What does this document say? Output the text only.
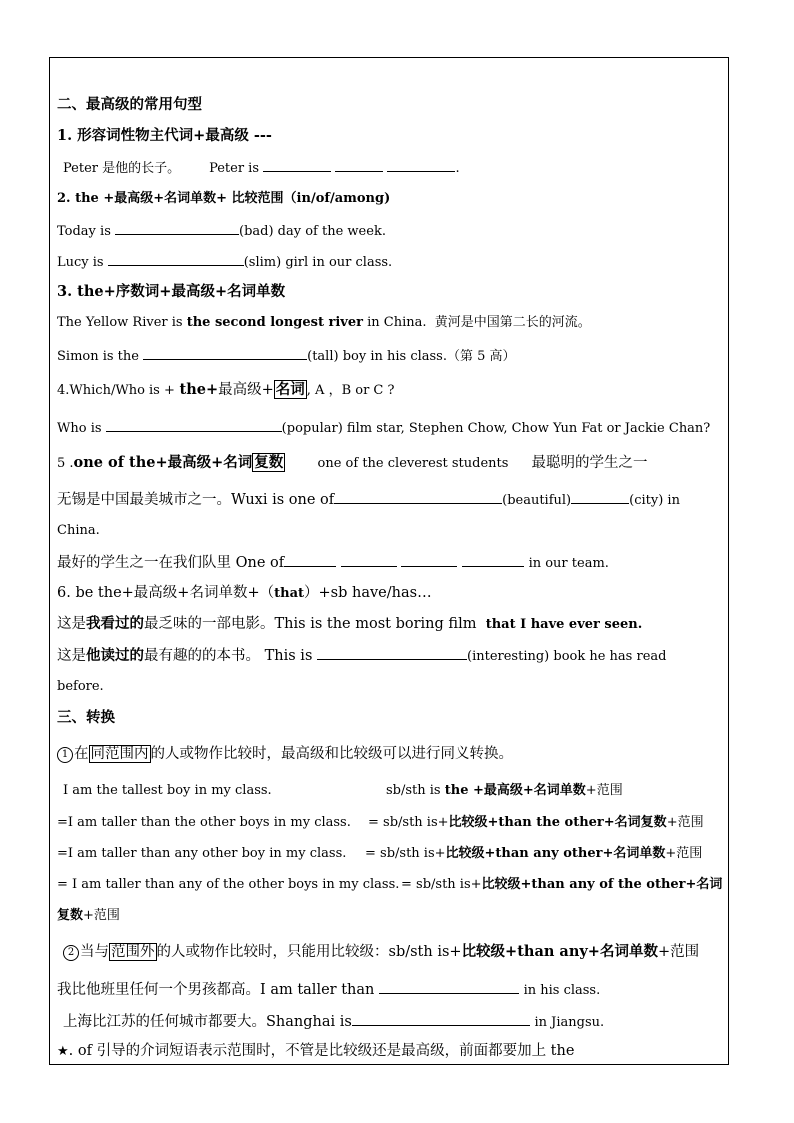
二、最高级的常用句型
1. 形容词性物主代词+最高级 ---
Peter 是他的长子。 Peter is	.
2. the +最高级+名词单数+ 比较范围（in/of/among)
Today is	(bad) day of the week.
Lucy is	(slim) girl in our class.
3. the+序数词+最高级+名词单数
The Yellow River is the second longest river in China. 黄河是中国第二长的河流。
Simon is the	(tall) boy in his class.（第 5 高）
4.Which/Who is + the+最高级+ 名词 , A ，B or C ?
Who is	(popular) film star, Stephen Chow, Chow Yun Fat or Jackie Chan?
5 .one of the+最高级+名词 复数	one of the cleverest students 最聪明的学生之一
无锡是中国最美城市之一。Wuxi is one of	(beautiful)	(city) in
China.
最好的学生之一在我们队里 One of	in our team.
6. be the+最高级+名词单数+（that）+sb have/has…
这是我看过的最乏味的一部电影。This is the most boring film that I have ever seen.
这是他读过的最有趣的的本书。 This is	(interesting) book he has read
before.
三、转换
1 在 同范围内 的人或物作比较时，最高级和比较级可以进行同义转换。
I am the tallest boy in my class.	sb/sth is the +最高级+名词单数+范围
=I am taller than the other boys in my class. = sb/sth is+比较级+than the other+名词复数+范围
=I am taller than any other boy in my class. = sb/sth is+比较级+than any other+名词单数+范围
= I am taller than any of the other boys in my class. = sb/sth is+比较级+than any of the other+名词
复数+范围
2 当与 范围外 的人或物作比较时，只能用比较级：sb/sth is+比较级+than any+名词单数+范围
我比他班里任何一个男孩都高。I am taller than	in his class.
上海比江苏的任何城市都要大。Shanghai is	in Jiangsu.
★. of 引导的介词短语表示范围时，不管是比较级还是最高级，前面都要加上 the
